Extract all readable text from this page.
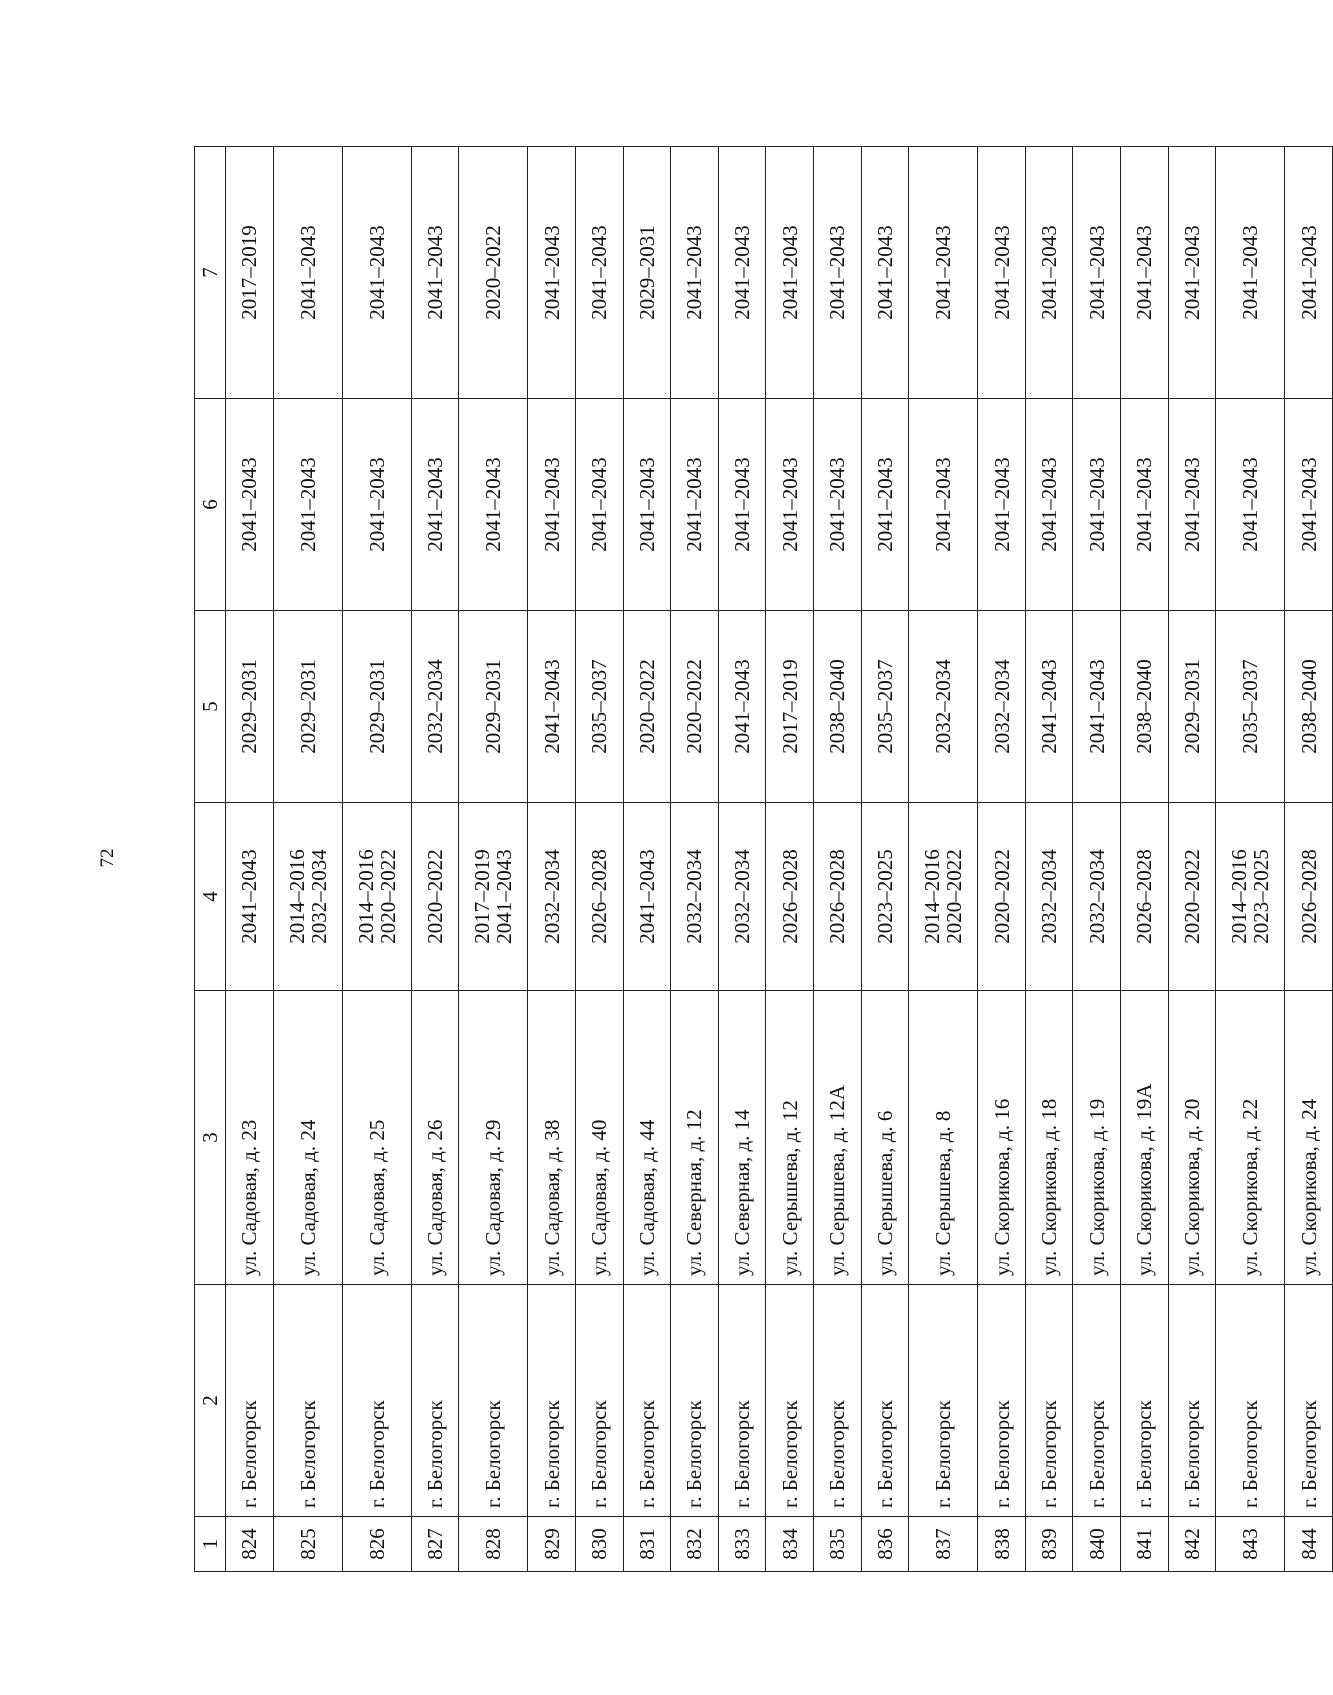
72
1	2	3	4	5	6	7
824	г. Белогорск	ул. Садовая, д. 23	2041–2043	2029–2031	2041–2043	2017–2019
825	г. Белогорск	ул. Садовая, д. 24	2014–2016
2032–2034	2029–2031	2041–2043	2041–2043
826	г. Белогорск	ул. Садовая, д. 25	2014–2016
2020–2022	2029–2031	2041–2043	2041–2043
827	г. Белогорск	ул. Садовая, д. 26	2020–2022	2032–2034	2041–2043	2041–2043
828	г. Белогорск	ул. Садовая, д. 29	2017–2019
2041–2043	2029–2031	2041–2043	2020–2022
829	г. Белогорск	ул. Садовая, д. 38	2032–2034	2041–2043	2041–2043	2041–2043
830	г. Белогорск	ул. Садовая, д. 40	2026–2028	2035–2037	2041–2043	2041–2043
831	г. Белогорск	ул. Садовая, д. 44	2041–2043	2020–2022	2041–2043	2029–2031
832	г. Белогорск	ул. Северная, д. 12	2032–2034	2020–2022	2041–2043	2041–2043
833	г. Белогорск	ул. Северная, д. 14	2032–2034	2041–2043	2041–2043	2041–2043
834	г. Белогорск	ул. Серышева, д. 12	2026–2028	2017–2019	2041–2043	2041–2043
835	г. Белогорск	ул. Серышева, д. 12А	2026–2028	2038–2040	2041–2043	2041–2043
836	г. Белогорск	ул. Серышева, д. 6	2023–2025	2035–2037	2041–2043	2041–2043
837	г. Белогорск	ул. Серышева, д. 8	2014–2016
2020–2022	2032–2034	2041–2043	2041–2043
838	г. Белогорск	ул. Скорикова, д. 16	2020–2022	2032–2034	2041–2043	2041–2043
839	г. Белогорск	ул. Скорикова, д. 18	2032–2034	2041–2043	2041–2043	2041–2043
840	г. Белогорск	ул. Скорикова, д. 19	2032–2034	2041–2043	2041–2043	2041–2043
841	г. Белогорск	ул. Скорикова, д. 19А	2026–2028	2038–2040	2041–2043	2041–2043
842	г. Белогорск	ул. Скорикова, д. 20	2020–2022	2029–2031	2041–2043	2041–2043
843	г. Белогорск	ул. Скорикова, д. 22	2014–2016
2023–2025	2035–2037	2041–2043	2041–2043
844	г. Белогорск	ул. Скорикова, д. 24	2026–2028	2038–2040	2041–2043	2041–2043
